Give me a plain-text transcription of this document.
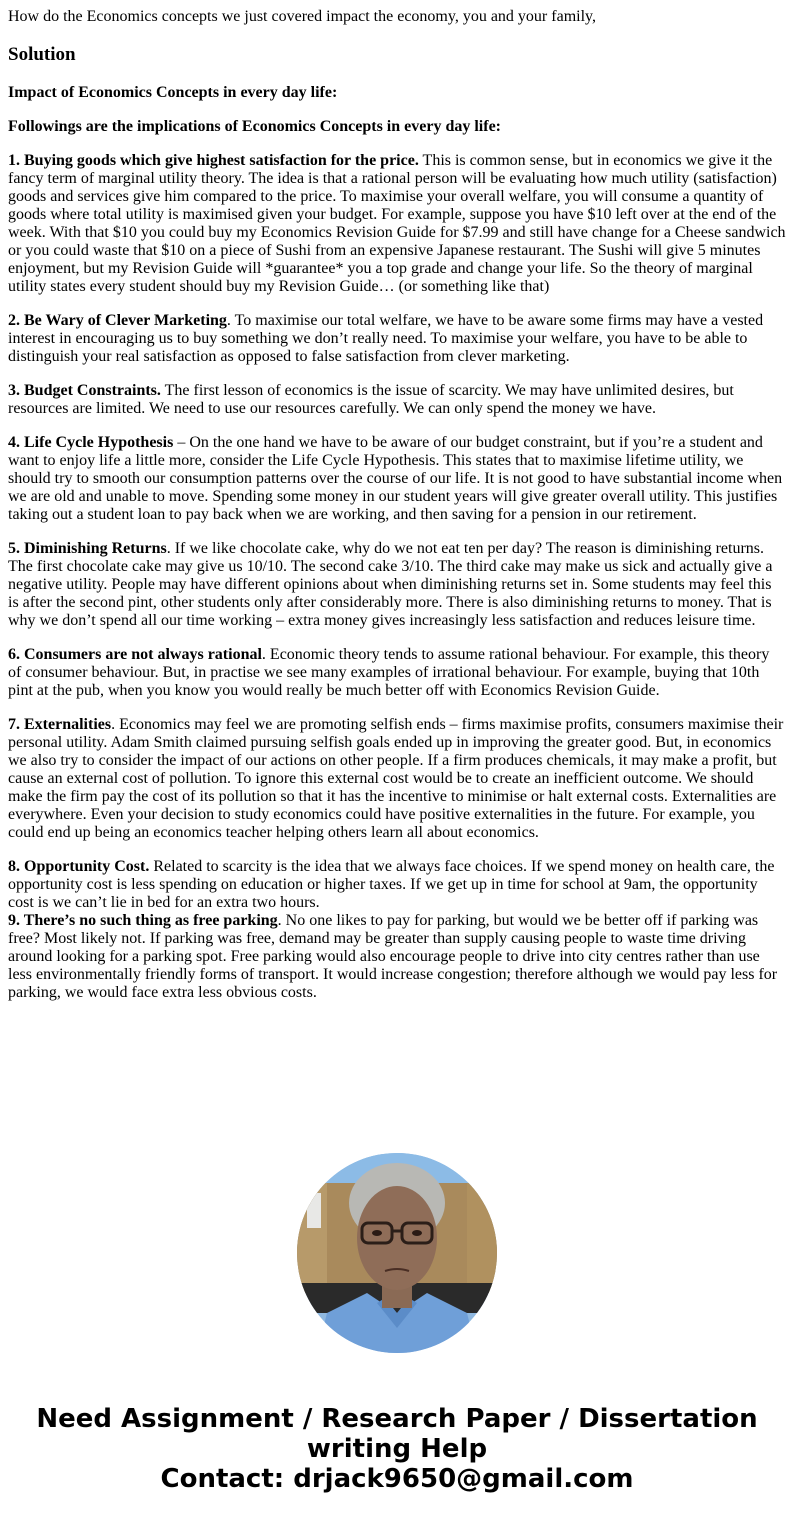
How do the Economics concepts we just covered impact the economy, you and your family,
Solution

Impact of Economics Concepts in every day life:

Followings are the implications of Economics Concepts in every day life:

1. Buying goods which give highest satisfaction for the price. This is common sense, but in economics we give it the fancy term of marginal utility theory. The idea is that a rational person will be evaluating how much utility (satisfaction) goods and services give him compared to the price. To maximise your overall welfare, you will consume a quantity of goods where total utility is maximised given your budget. For example, suppose you have $10 left over at the end of the week. With that $10 you could buy my Economics Revision Guide for $7.99 and still have change for a Cheese sandwich or you could waste that $10 on a piece of Sushi from an expensive Japanese restaurant. The Sushi will give 5 minutes enjoyment, but my Revision Guide will *guarantee* you a top grade and change your life. So the theory of marginal utility states every student should buy my Revision Guide… (or something like that)

2. Be Wary of Clever Marketing. To maximise our total welfare, we have to be aware some firms may have a vested interest in encouraging us to buy something we don’t really need. To maximise your welfare, you have to be able to distinguish your real satisfaction as opposed to false satisfaction from clever marketing.

3. Budget Constraints. The first lesson of economics is the issue of scarcity. We may have unlimited desires, but resources are limited. We need to use our resources carefully. We can only spend the money we have.

4. Life Cycle Hypothesis – On the one hand we have to be aware of our budget constraint, but if you’re a student and want to enjoy life a little more, consider the Life Cycle Hypothesis. This states that to maximise lifetime utility, we should try to smooth our consumption patterns over the course of our life. It is not good to have substantial income when we are old and unable to move. Spending some money in our student years will give greater overall utility. This justifies taking out a student loan to pay back when we are working, and then saving for a pension in our retirement.

5. Diminishing Returns. If we like chocolate cake, why do we not eat ten per day? The reason is diminishing returns. The first chocolate cake may give us 10/10. The second cake 3/10. The third cake may make us sick and actually give a negative utility. People may have different opinions about when diminishing returns set in. Some students may feel this is after the second pint, other students only after considerably more. There is also diminishing returns to money. That is why we don’t spend all our time working – extra money gives increasingly less satisfaction and reduces leisure time.

6. Consumers are not always rational. Economic theory tends to assume rational behaviour. For example, this theory of consumer behaviour. But, in practise we see many examples of irrational behaviour. For example, buying that 10th pint at the pub, when you know you would really be much better off with Economics Revision Guide.

7. Externalities. Economics may feel we are promoting selfish ends – firms maximise profits, consumers maximise their personal utility. Adam Smith claimed pursuing selfish goals ended up in improving the greater good. But, in economics we also try to consider the impact of our actions on other people. If a firm produces chemicals, it may make a profit, but cause an external cost of pollution. To ignore this external cost would be to create an inefficient outcome. We should make the firm pay the cost of its pollution so that it has the incentive to minimise or halt external costs. Externalities are everywhere. Even your decision to study economics could have positive externalities in the future. For example, you could end up being an economics teacher helping others learn all about economics.

8. Opportunity Cost. Related to scarcity is the idea that we always face choices. If we spend money on health care, the opportunity cost is less spending on education or higher taxes. If we get up in time for school at 9am, the opportunity cost is we can’t lie in bed for an extra two hours.

9. There’s no such thing as free parking. No one likes to pay for parking, but would we be better off if parking was free? Most likely not. If parking was free, demand may be greater than supply causing people to waste time driving around looking for a parking spot. Free parking would also encourage people to drive into city centres rather than use less environmentally friendly forms of transport. It would increase congestion; therefore although we would pay less for parking, we would face extra less obvious costs.

Need Assignment / Research Paper / Dissertation
writing Help
Contact: drjack9650@gmail.com
